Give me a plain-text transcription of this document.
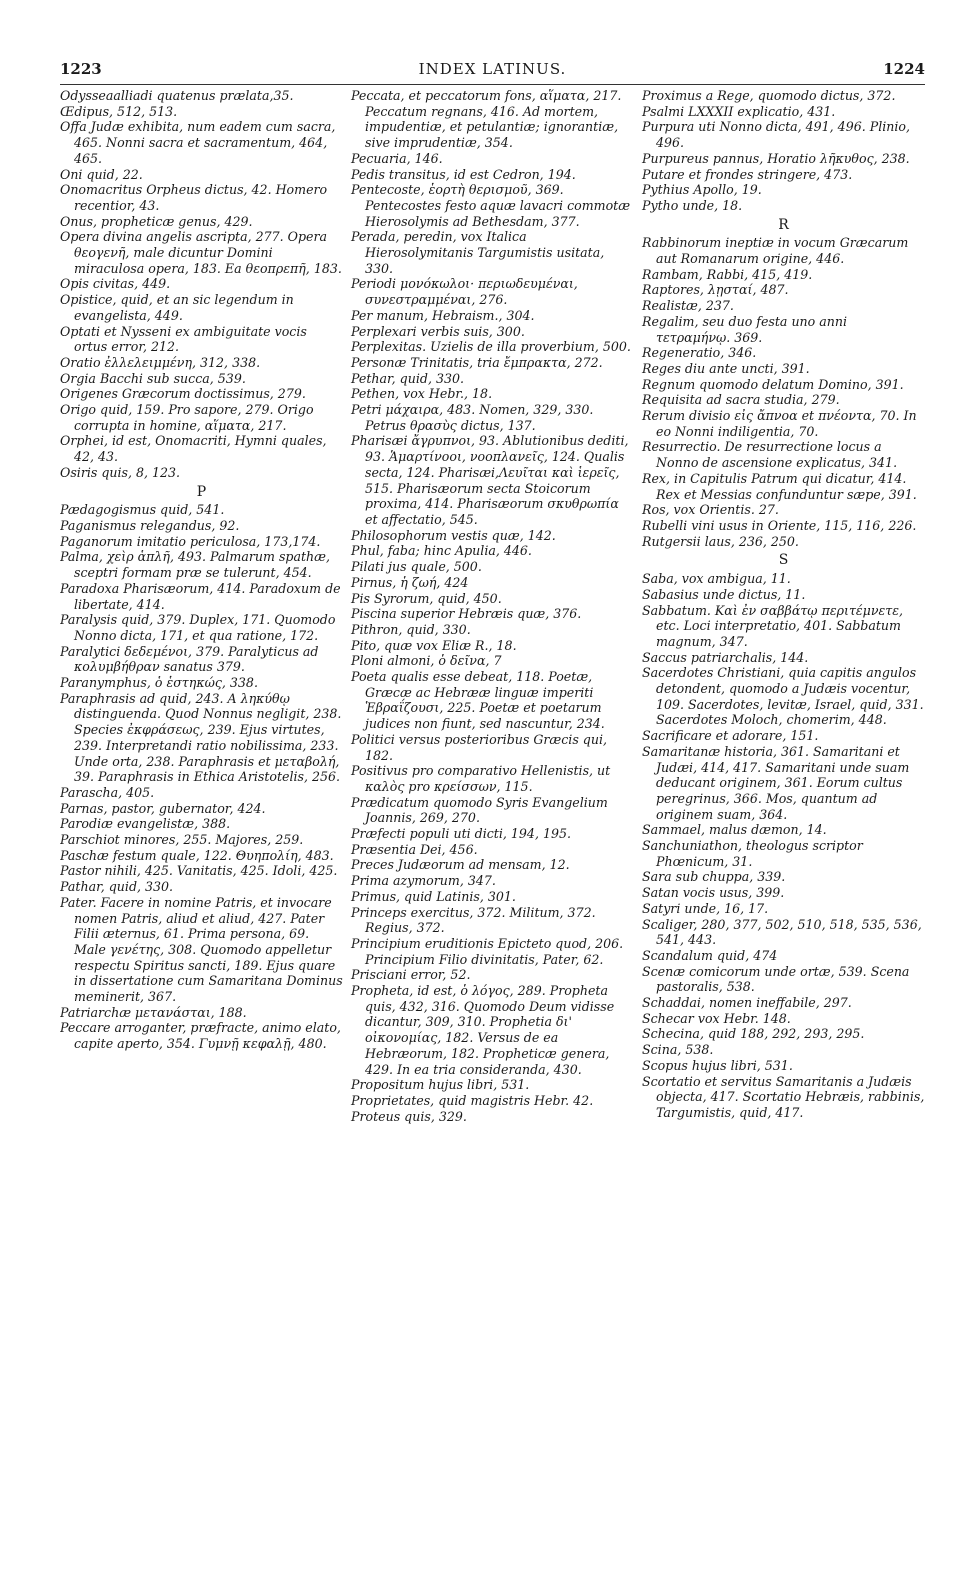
1223	INDEX LATINUS.	1224

Odysseaalliadi quatenus prælata,35.

Œdipus, 512, 513.

Offa Judæ exhibita, num eadem cum sacra, 465. Nonni sacra et sacramentum, 464, 465.

Oni quid, 22.

Onomacritus Orpheus dictus, 42. Homero recentior, 43.

Onus, propheticæ genus, 429.

Opera divina angelis ascripta, 277. Opera θεογενῆ, male dicuntur Domini miraculosa opera, 183. Ea θεοπρεπῆ, 183.

Opis civitas, 449.

Opistice, quid, et an sic legendum in evangelista, 449.

Optati et Nysseni ex ambiguitate vocis ortus error, 212.

Oratio ἐλλελειμμένη, 312, 338.

Orgia Bacchi sub succa, 539.

Origenes Græcorum doctissimus, 279.

Origo quid, 159. Pro sapore, 279. Origo corrupta in homine, αἵματα, 217.

Orphei, id est, Onomacriti, Hymni quales, 42, 43.

Osiris quis, 8, 123.

P

Pædagogismus quid, 541.

Paganismus relegandus, 92.

Paganorum imitatio periculosa, 173,174.

Palma, χεὶρ ἁπλῆ, 493. Palmarum spathæ, sceptri formam præ se tulerunt, 454.

Paradoxa Pharisæorum, 414. Paradoxum de libertate, 414.

Paralysis quid, 379. Duplex, 171. Quomodo Nonno dicta, 171, et qua ratione, 172.

Paralytici δεδεμένοι, 379. Paralyticus ad κολυμβήθραν sanatus 379.

Paranymphus, ὁ ἑστηκώς, 338.

Paraphrasis ad quid, 243. A ληκύθῳ distinguenda. Quod Nonnus negligit, 238. Species ἐκφράσεως, 239. Ejus virtutes, 239. Interpretandi ratio nobilissima, 233. Unde orta, 238. Paraphrasis et μεταβολή, 39. Paraphrasis in Ethica Aristotelis, 256.

Parascha, 405.

Parnas, pastor, gubernator, 424.

Parodiæ evangelistæ, 388.

Parschiot minores, 255. Majores, 259.

Paschæ festum quale, 122. Θυηπολίη, 483.

Pastor nihili, 425. Vanitatis, 425. Idoli, 425.

Pathar, quid, 330.

Pater. Facere in nomine Patris, et invocare nomen Patris, aliud et aliud, 427. Pater Filii æternus, 61. Prima persona, 69. Male γενέτης, 308. Quomodo appelletur respectu Spiritus sancti, 189. Ejus quare in dissertatione cum Samaritana Dominus meminerit, 367.

Patriarchæ μετανάσται, 188.

Peccare arroganter, præfracte, animo elato, capite aperto, 354. Γυμνῇ κεφαλῇ, 480.

Peccata, et peccatorum fons, αἵματα, 217. Peccatum regnans, 416. Ad mortem, impudentiæ, et petulantiæ; ignorantiæ, sive imprudentiæ, 354.

Pecuaria, 146.

Pedis transitus, id est Cedron, 194.

Pentecoste, ἑορτὴ θερισμοῦ, 369. Pentecostes festo aquæ lavacri commotæ Hierosolymis ad Bethesdam, 377.

Perada, peredin, vox Italica Hierosolymitanis Targumistis usitata, 330.

Periodi μονόκωλοι· περιωδευμέναι, συνεστραμμέναι, 276.

Per manum, Hebraism., 304.

Perplexari verbis suis, 300.

Perplexitas. Uzielis de illa proverbium, 500.

Personæ Trinitatis, tria ἔμπρακτα, 272.

Pethar, quid, 330.

Pethen, vox Hebr., 18.

Petri μάχαιρα, 483. Nomen, 329, 330. Petrus θρασὺς dictus, 137.

Pharisæi ἄγρυπνοι, 93. Ablutionibus dediti, 93. Ἁμαρτίνοοι, νοοπλανεῖς, 124. Qualis secta, 124. Pharisæi,Λευῖται καὶ ἱερεῖς, 515. Pharisæorum secta Stoicorum proxima, 414. Pharisæorum σκυθρωπία et affectatio, 545.

Philosophorum vestis quæ, 142.

Phul, faba; hinc Apulia, 446.

Pilati jus quale, 500.

Pirnus, ἡ ζωή, 424

Pis Syrorum, quid, 450.

Piscina superior Hebræis quæ, 376.

Pithron, quid, 330.

Pito, quæ vox Eliæ R., 18.

Ploni almoni, ὁ δεῖνα, 7

Poeta qualis esse debeat, 118. Poetæ, Græcæ ac Hebrææ linguæ imperiti Ἑβραΐζουσι, 225. Poetæ et poetarum judices non fiunt, sed nascuntur, 234.

Politici versus posterioribus Græcis qui, 182.

Positivus pro comparativo Hellenistis, ut καλὸς pro κρείσσων, 115.

Prædicatum quomodo Syris Evangelium Joannis, 269, 270.

Præfecti populi uti dicti, 194, 195.

Præsentia Dei, 456.

Preces Judæorum ad mensam, 12.

Prima azymorum, 347.

Primus, quid Latinis, 301.

Princeps exercitus, 372. Militum, 372. Regius, 372.

Principium eruditionis Epicteto quod, 206. Principium Filio divinitatis, Pater, 62.

Prisciani error, 52.

Propheta, id est, ὁ λόγος, 289. Propheta quis, 432, 316. Quomodo Deum vidisse dicantur, 309, 310. Prophetia δι' οἰκονομίας, 182. Versus de ea Hebræorum, 182. Propheticæ genera, 429. In ea tria consideranda, 430.

Propositum hujus libri, 531.

Proprietates, quid magistris Hebr. 42.

Proteus quis, 329.

Proximus a Rege, quomodo dictus, 372.

Psalmi LXXXII explicatio, 431.

Purpura uti Nonno dicta, 491, 496. Plinio, 496.

Purpureus pannus, Horatio λῆκυθος, 238.

Putare et frondes stringere, 473.

Pythius Apollo, 19.

Pytho unde, 18.

R

Rabbinorum ineptiæ in vocum Græcarum aut Romanarum origine, 446.

Rambam, Rabbi, 415, 419.

Raptores, λῃσταί, 487.

Realistæ, 237.

Regalim, seu duo festa uno anni τετραμήνῳ. 369.

Regeneratio, 346.

Reges diu ante uncti, 391.

Regnum quomodo delatum Domino, 391.

Requisita ad sacra studia, 279.

Rerum divisio εἰς ἄπνοα et πνέοντα, 70. In eo Nonni indiligentia, 70.

Resurrectio. De resurrectione locus a Nonno de ascensione explicatus, 341.

Rex, in Capitulis Patrum qui dicatur, 414. Rex et Messias confunduntur sæpe, 391.

Ros, vox Orientis. 27.

Rubelli vini usus in Oriente, 115, 116, 226.

Rutgersii laus, 236, 250.

S

Saba, vox ambigua, 11.

Sabasius unde dictus, 11.

Sabbatum. Καὶ ἐν σαββάτῳ περιτέμνετε, etc. Loci interpretatio, 401. Sabbatum magnum, 347.

Saccus patriarchalis, 144.

Sacerdotes Christiani, quia capitis angulos detondent, quomodo a Judæis vocentur, 109. Sacerdotes, levitæ, Israel, quid, 331. Sacerdotes Moloch, chomerim, 448.

Sacrificare et adorare, 151.

Samaritanæ historia, 361. Samaritani et Judæi, 414, 417. Samaritani unde suam deducant originem, 361. Eorum cultus peregrinus, 366. Mos, quantum ad originem suam, 364.

Sammael, malus dæmon, 14.

Sanchuniathon, theologus scriptor Phœnicum, 31.

Sara sub chuppa, 339.

Satan vocis usus, 399.

Satyri unde, 16, 17.

Scaliger, 280, 377, 502, 510, 518, 535, 536, 541, 443.

Scandalum quid, 474

Scenæ comicorum unde ortæ, 539. Scena pastoralis, 538.

Schaddai, nomen ineffabile, 297.

Schecar vox Hebr. 148.

Schecina, quid 188, 292, 293, 295.

Scina, 538.

Scopus hujus libri, 531.

Scortatio et servitus Samaritanis a Judæis objecta, 417. Scortatio Hebræis, rabbinis, Targumistis, quid, 417.
